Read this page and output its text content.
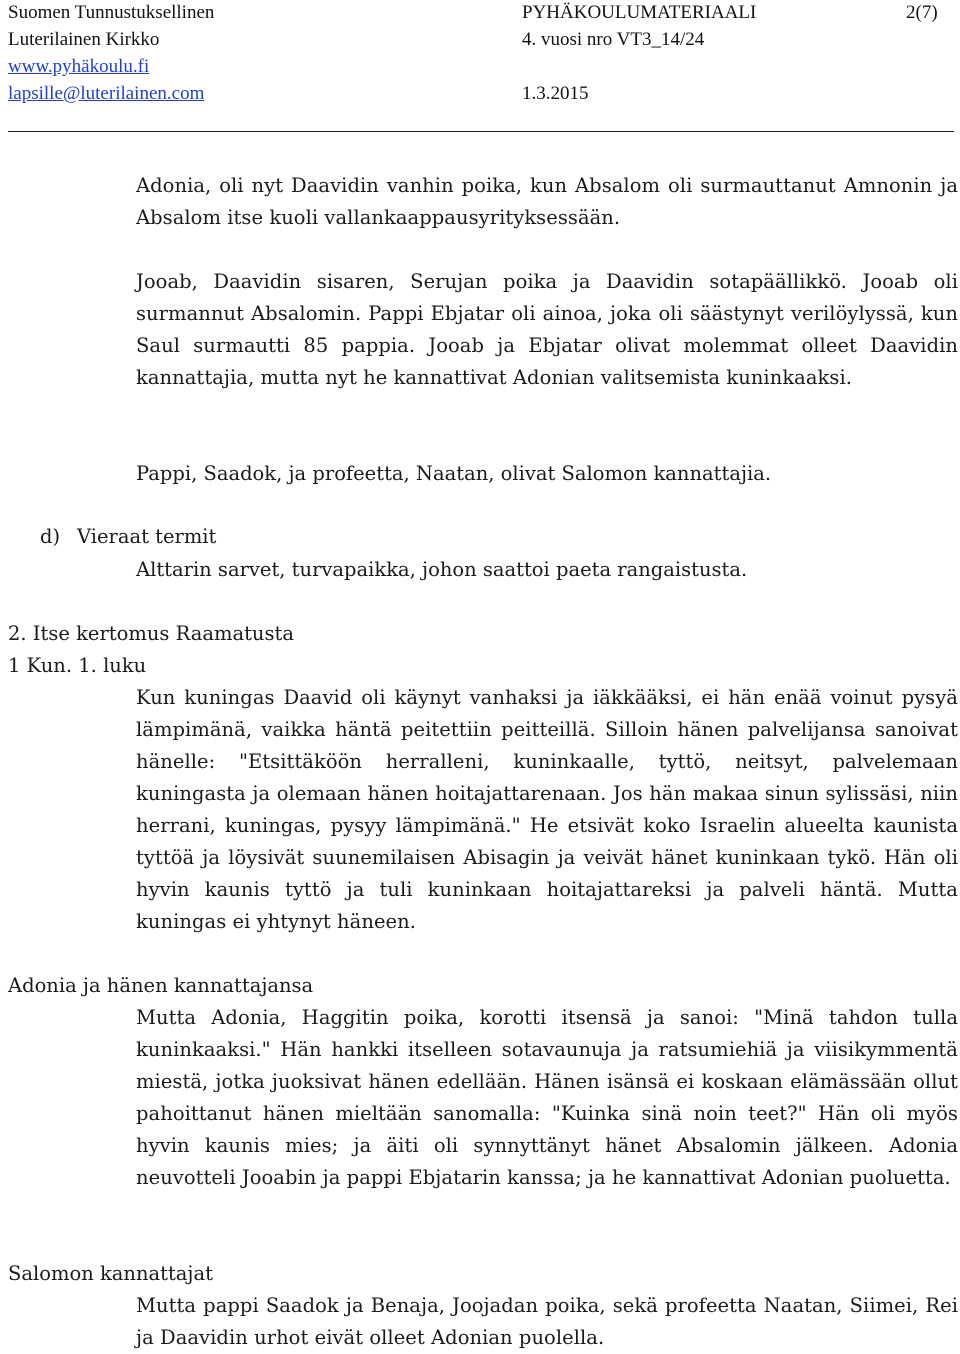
Suomen Tunnustuksellinen
Luterilainen Kirkko
www.pyhäkoulu.fi
lapsille@luterilainen.com
PYHÄKOULUMATERIAALI
4. vuosi nro VT3_14/24
1.3.2015
2(7)
Adonia, oli nyt Daavidin vanhin poika, kun Absalom oli surmauttanut Amnonin ja Absalom itse kuoli vallankaappausyrityksessään.
Jooab, Daavidin sisaren, Serujan poika ja Daavidin sotapäällikkö. Jooab oli surmannut Absalomin. Pappi Ebjatar oli ainoa, joka oli säästynyt verilöylyssä, kun Saul surmautti 85 pappia. Jooab ja Ebjatar olivat molemmat olleet Daavidin kannattajia, mutta nyt he kannattivat Adonian valitsemista kuninkaaksi.
Pappi, Saadok, ja profeetta, Naatan, olivat Salomon kannattajia.
d) Vieraat termit
Alttarin sarvet, turvapaikka, johon saattoi paeta rangaistusta.
2. Itse kertomus Raamatusta
1 Kun. 1. luku
Kun kuningas Daavid oli käynyt vanhaksi ja iäkkääksi, ei hän enää voinut pysyä lämpimänä, vaikka häntä peitettiin peitteillä. Silloin hänen palvelijansa sanoivat hänelle: "Etsittäköön herralleni, kuninkaalle, tyttö, neitsyt, palvelemaan kuningasta ja olemaan hänen hoitajattarenaan. Jos hän makaa sinun sylissäsi, niin herrani, kuningas, pysyy lämpimänä." He etsivät koko Israelin alueelta kaunista tyttöä ja löysivät suunemilaisen Abisagin ja veivät hänet kuninkaan tykö. Hän oli hyvin kaunis tyttö ja tuli kuninkaan hoitajattareksi ja palveli häntä. Mutta kuningas ei yhtynyt häneen.
Adonia ja hänen kannattajansa
Mutta Adonia, Haggitin poika, korotti itsensä ja sanoi: "Minä tahdon tulla kuninkaaksi." Hän hankki itselleen sotavaunuja ja ratsumiehiä ja viisikymmentä miestä, jotka juoksivat hänen edellään. Hänen isänsä ei koskaan elämässään ollut pahoittanut hänen mieltään sanomalla: "Kuinka sinä noin teet?" Hän oli myös hyvin kaunis mies; ja äiti oli synnyttänyt hänet Absalomin jälkeen. Adonia neuvotteli Jooabin ja pappi Ebjatarin kanssa; ja he kannattivat Adonian puoluetta.
Salomon kannattajat
Mutta pappi Saadok ja Benaja, Joojadan poika, sekä profeetta Naatan, Siimei, Rei ja Daavidin urhot eivät olleet Adonian puolella.
